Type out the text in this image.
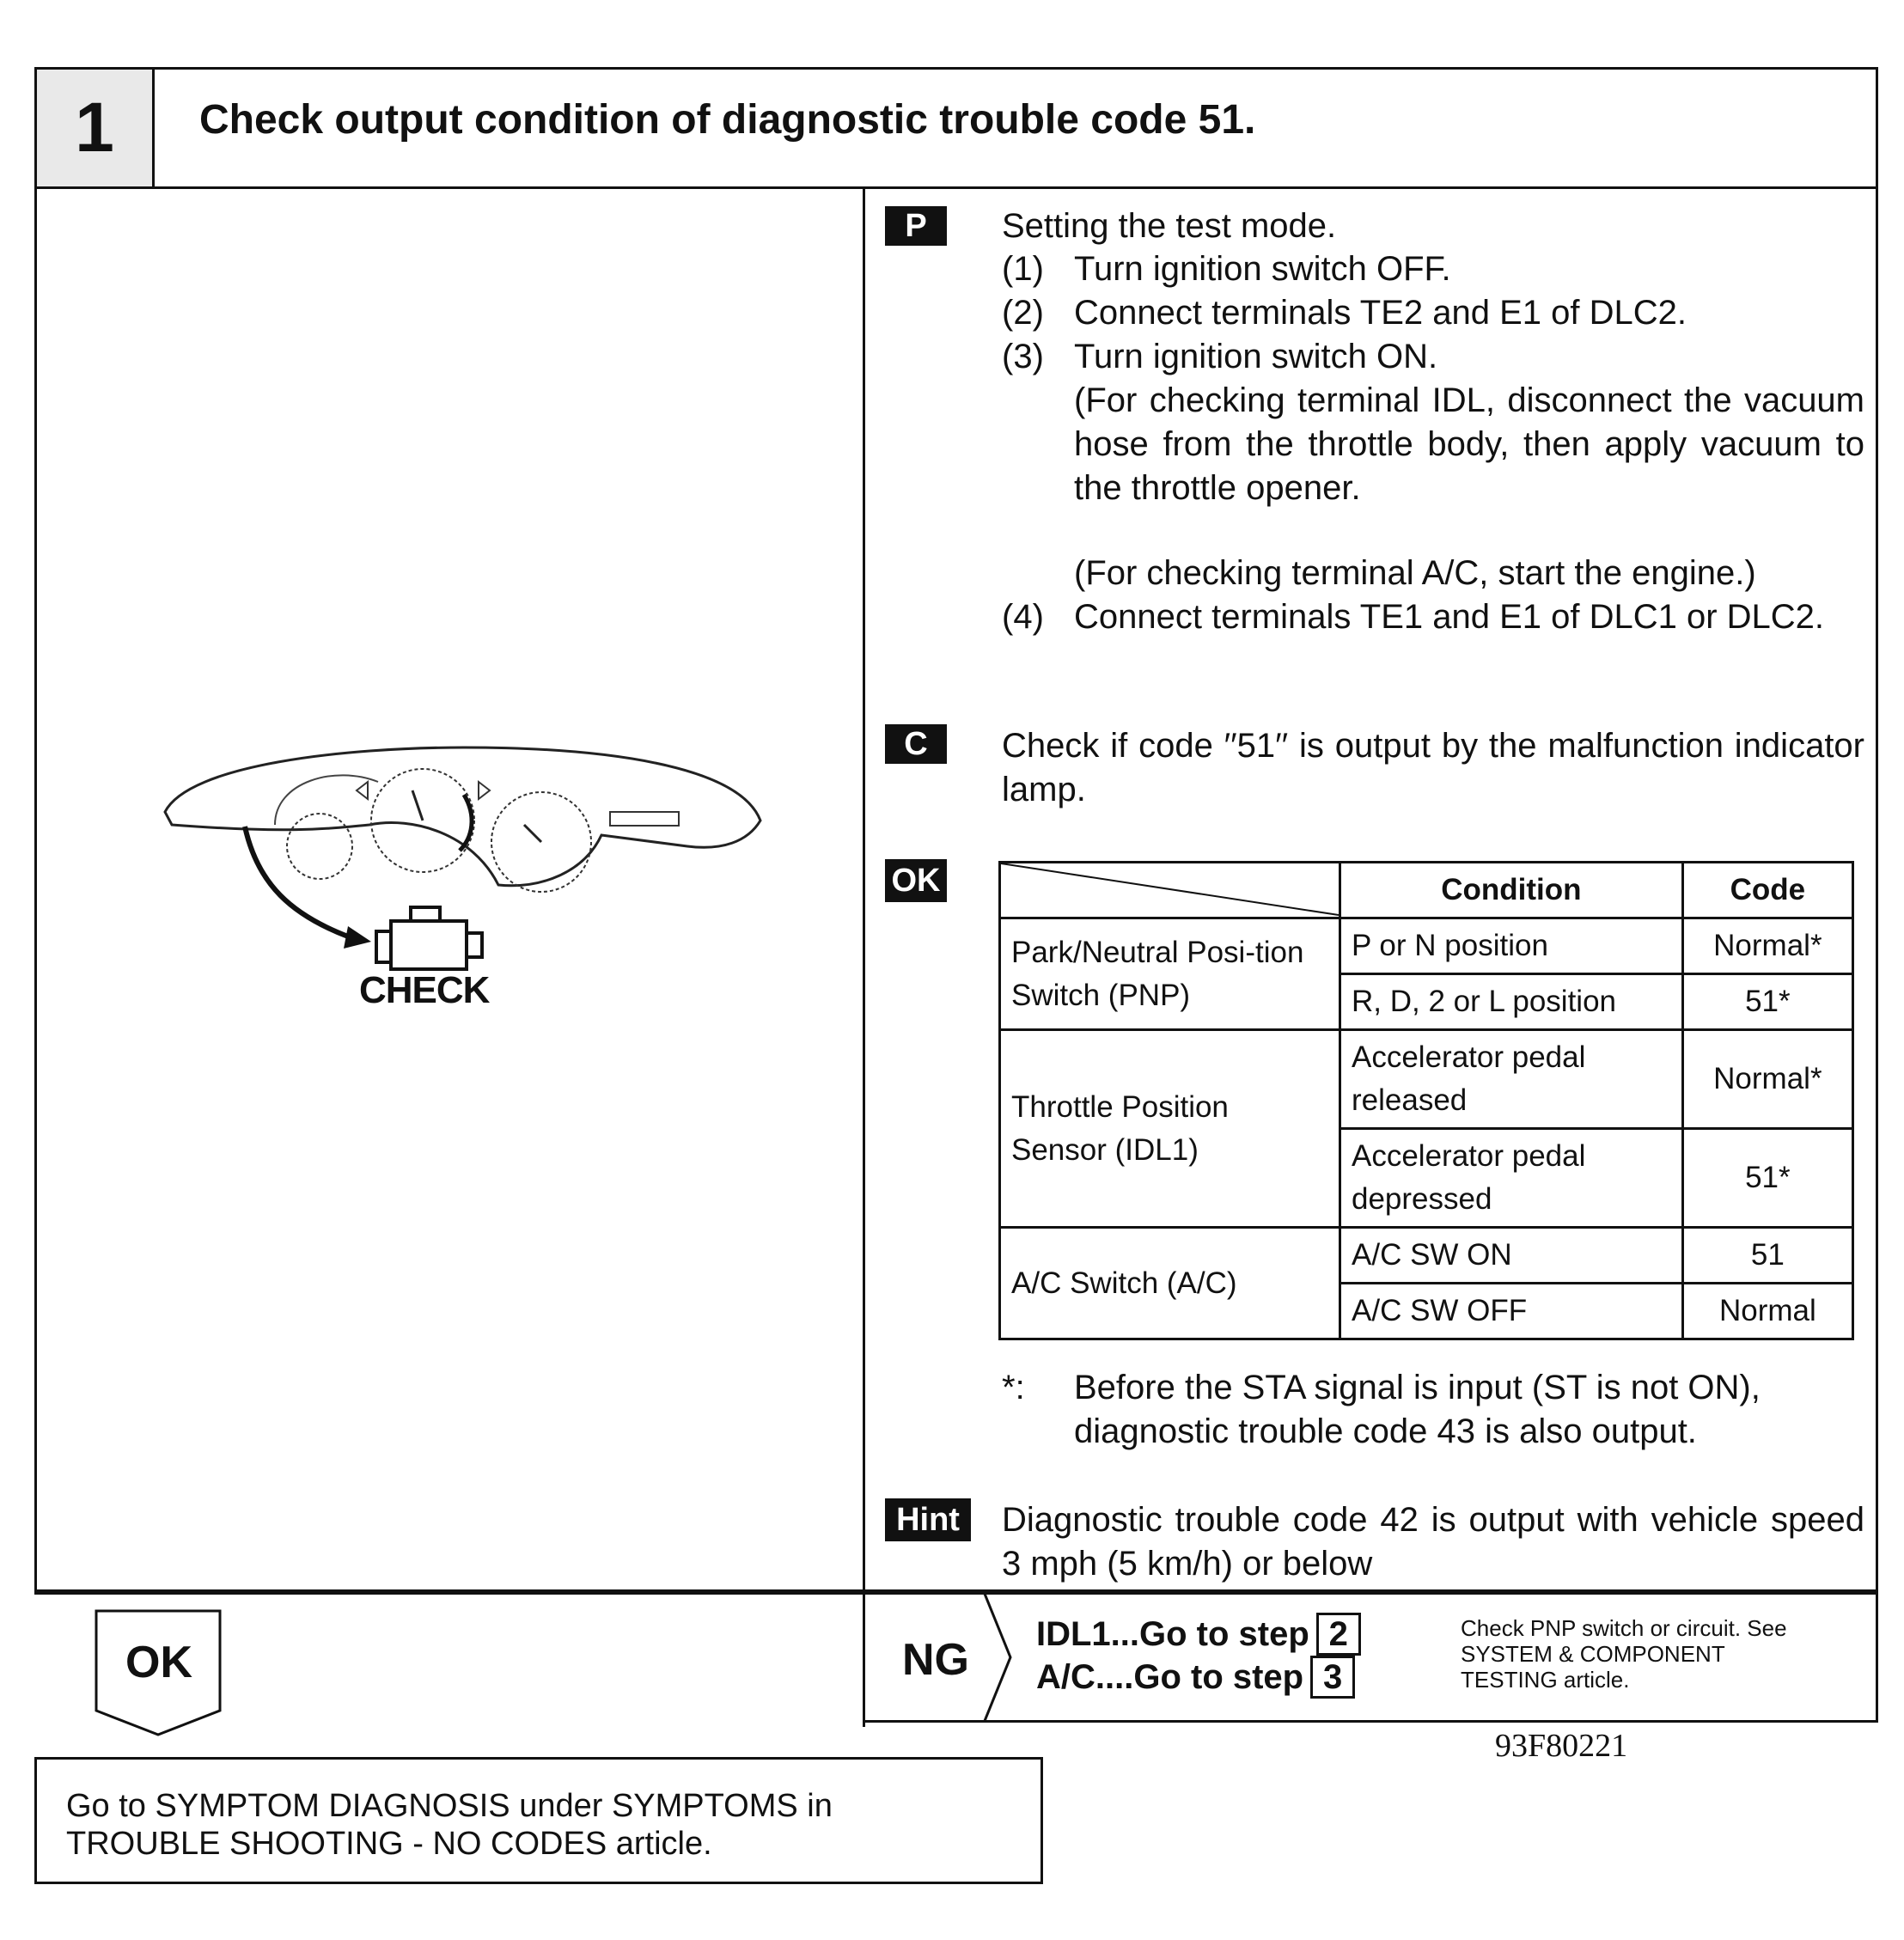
1	Check output condition of diagnostic trouble code 51.
CHECK
P	Setting the test mode.
(1) Turn ignition switch OFF.
(2) Connect terminals TE2 and E1 of DLC2.
(3) Turn ignition switch ON.
(For checking terminal IDL, disconnect the vacuum hose from the throttle body, then apply vacuum to the throttle opener.
(For checking terminal A/C, start the engine.)
(4) Connect terminals TE1 and E1 of DLC1 or DLC2.
C	Check if code ′′51′′ is output by the malfunction indicator lamp.
OK
		Condition	Code
Park/Neutral Posi-tion Switch (PNP)	P or N position	Normal*
	R, D, 2 or L position	51*
Throttle Position Sensor (IDL1)	Accelerator pedal released	Normal*
	Accelerator pedal depressed	51*
A/C Switch (A/C)	A/C SW ON	51
	A/C SW OFF	Normal
*: Before the STA signal is input (ST is not ON), diagnostic trouble code 43 is also output.
Hint	Diagnostic trouble code 42 is output with vehicle speed 3 mph (5 km/h) or below
OK
Go to SYMPTOM DIAGNOSIS under SYMPTOMS in TROUBLE SHOOTING - NO CODES article.
NG
IDL1...Go to step 2
A/C....Go to step 3
Check PNP switch or circuit. See SYSTEM & COMPONENT TESTING article.
93F80221
